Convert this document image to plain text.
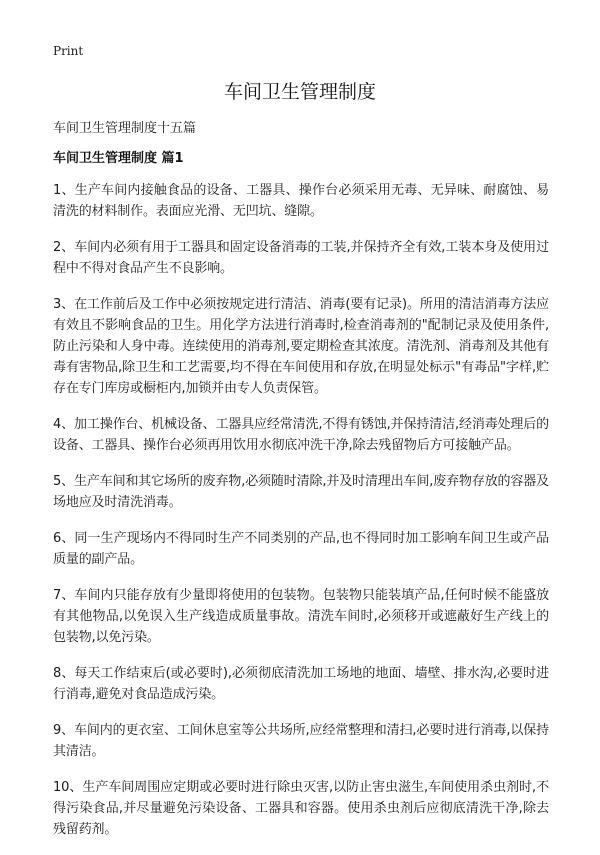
Print
车间卫生管理制度
车间卫生管理制度十五篇
车间卫生管理制度 篇1

1、生产车间内接触食品的设备、工器具、操作台必须采用无毒、无异味、耐腐蚀、易清洗的材料制作。表面应光滑、无凹坑、缝隙。

2、车间内必须有用于工器具和固定设备消毒的工装,并保持齐全有效,工装本身及使用过程中不得对食品产生不良影响。

3、在工作前后及工作中必须按规定进行清洁、消毒(要有记录)。所用的清洁消毒方法应有效且不影响食品的卫生。用化学方法进行消毒时,检查消毒剂的"配制记录及使用条件,防止污染和人身中毒。连续使用的消毒剂,要定期检查其浓度。清洗剂、消毒剂及其他有毒有害物品,除卫生和工艺需要,均不得在车间使用和存放,在明显处标示"有毒品"字样,贮存在专门库房或橱柜内,加锁并由专人负责保管。

4、加工操作台、机械设备、工器具应经常清洗,不得有锈蚀,并保持清洁,经消毒处理后的设备、工器具、操作台必须再用饮用水彻底冲洗干净,除去残留物后方可接触产品。

5、生产车间和其它场所的废弃物,必须随时清除,并及时清理出车间,废弃物存放的容器及场地应及时清洗消毒。

6、同一生产现场内不得同时生产不同类别的产品,也不得同时加工影响车间卫生或产品质量的副产品。

7、车间内只能存放有少量即将使用的包装物。包装物只能装填产品,任何时候不能盛放有其他物品,以免误入生产线造成质量事故。清洗车间时,必须移开或遮蔽好生产线上的包装物,以免污染。

8、每天工作结束后(或必要时),必须彻底清洗加工场地的地面、墙壁、排水沟,必要时进行消毒,避免对食品造成污染。

9、车间内的更衣室、工间休息室等公共场所,应经常整理和清扫,必要时进行消毒,以保持其清洁。

10、生产车间周围应定期或必要时进行除虫灭害,以防止害虫滋生,车间使用杀虫剂时,不得污染食品,并尽量避免污染设备、工器具和容器。使用杀虫剂后应彻底清洗干净,除去残留药剂。
